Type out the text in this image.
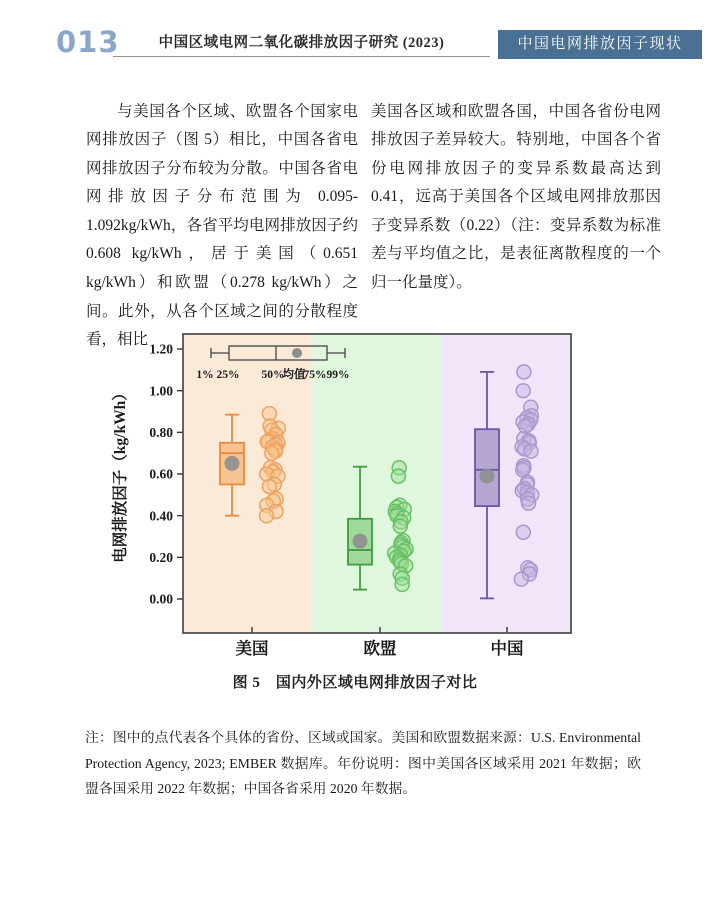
013	中国区域电网二氧化碳排放因子研究 (2023)	中国电网排放因子现状

与美国各个区域、欧盟各个国家电网排放因子（图 5）相比，中国各省电网排放因子分布较为分散。中国各省电网排放因子分布范围为 0.095-1.092kg/kWh，各省平均电网排放因子约 0.608 kg/kWh，居于美国（0.651 kg/kWh）和欧盟（0.278 kg/kWh）之间。此外，从各个区域之间的分散程度看，相比

美国各区域和欧盟各国，中国各省份电网排放因子差异较大。特别地，中国各个省份电网排放因子的变异系数最高达到 0.41，远高于美国各个区域电网排放那因子变异系数（0.22）（注：变异系数为标准差与平均值之比，是表征离散程度的一个归一化量度）。

0.00
0.20
0.40
0.60
0.80
1.00
1.20
电网排放因子（kg/kWh）
美国	欧盟	中国
1% 25% 50%
均值
75% 99%
图 5　国内外区域电网排放因子对比

注：图中的点代表各个具体的省份、区域或国家。美国和欧盟数据来源：U.S. Environmental Protection Agency, 2023; EMBER 数据库。年份说明：图中美国各区域采用 2021 年数据；欧盟各国采用 2022 年数据；中国各省采用 2020 年数据。
